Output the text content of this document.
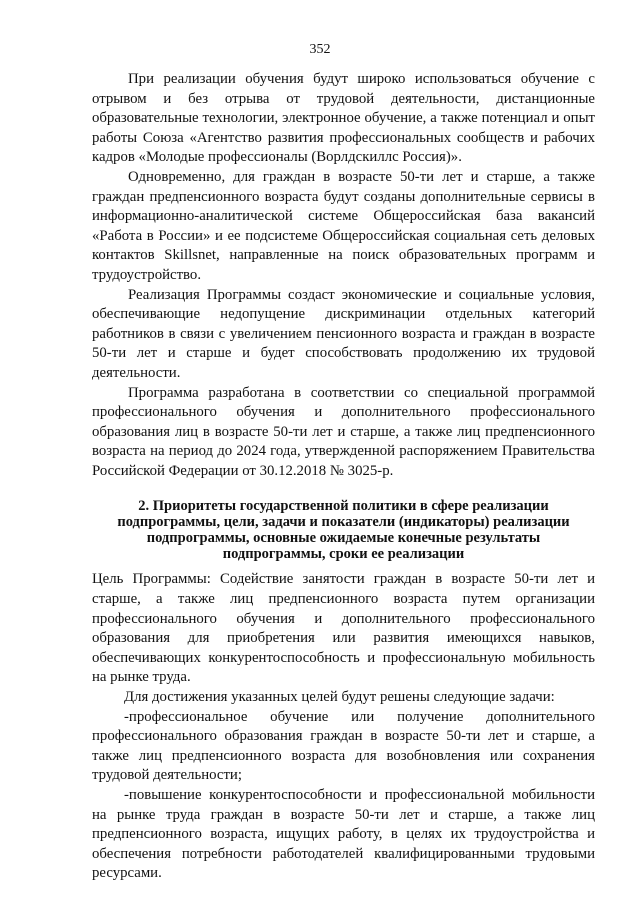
352

При реализации обучения будут широко использоваться обучение с отрывом и без отрыва от трудовой деятельности, дистанционные образовательные технологии, электронное обучение, а также потенциал и опыт работы Союза «Агентство развития профессиональных сообществ и рабочих кадров «Молодые профессионалы (Ворлдскиллс Россия)».

Одновременно, для граждан в возрасте 50-ти лет и старше, а также граждан предпенсионного возраста будут созданы дополнительные сервисы в информационно-аналитической системе Общероссийская база вакансий «Работа в России» и ее подсистеме Общероссийская социальная сеть деловых контактов Skillsnet, направленные на поиск образовательных программ и трудоустройство.

Реализация Программы создаст экономические и социальные условия, обеспечивающие недопущение дискриминации отдельных категорий работников в связи с увеличением пенсионного возраста и граждан в возрасте 50-ти лет и старше и будет способствовать продолжению их трудовой деятельности.

Программа разработана в соответствии со специальной программой профессионального обучения и дополнительного профессионального образования лиц в возрасте 50-ти лет и старше, а также лиц предпенсионного возраста на период до 2024 года, утвержденной распоряжением Правительства Российской Федерации от 30.12.2018 № 3025-р.

2. Приоритеты государственной политики в сфере реализации подпрограммы, цели, задачи и показатели (индикаторы) реализации подпрограммы, основные ожидаемые конечные результаты подпрограммы, сроки ее реализации

Цель Программы: Содействие занятости граждан в возрасте 50-ти лет и старше, а также лиц предпенсионного возраста путем организации профессионального обучения и дополнительного профессионального образования для приобретения или развития имеющихся навыков, обеспечивающих конкурентоспособность и профессиональную мобильность на рынке труда.

Для достижения указанных целей будут решены следующие задачи:

-профессиональное обучение или получение дополнительного профессионального образования граждан в возрасте 50-ти лет и старше, а также лиц предпенсионного возраста для возобновления или сохранения трудовой деятельности;

-повышение конкурентоспособности и профессиональной мобильности на рынке труда граждан в возрасте 50-ти лет и старше, а также лиц предпенсионного возраста, ищущих работу, в целях их трудоустройства и обеспечения потребности работодателей квалифицированными трудовыми ресурсами.
